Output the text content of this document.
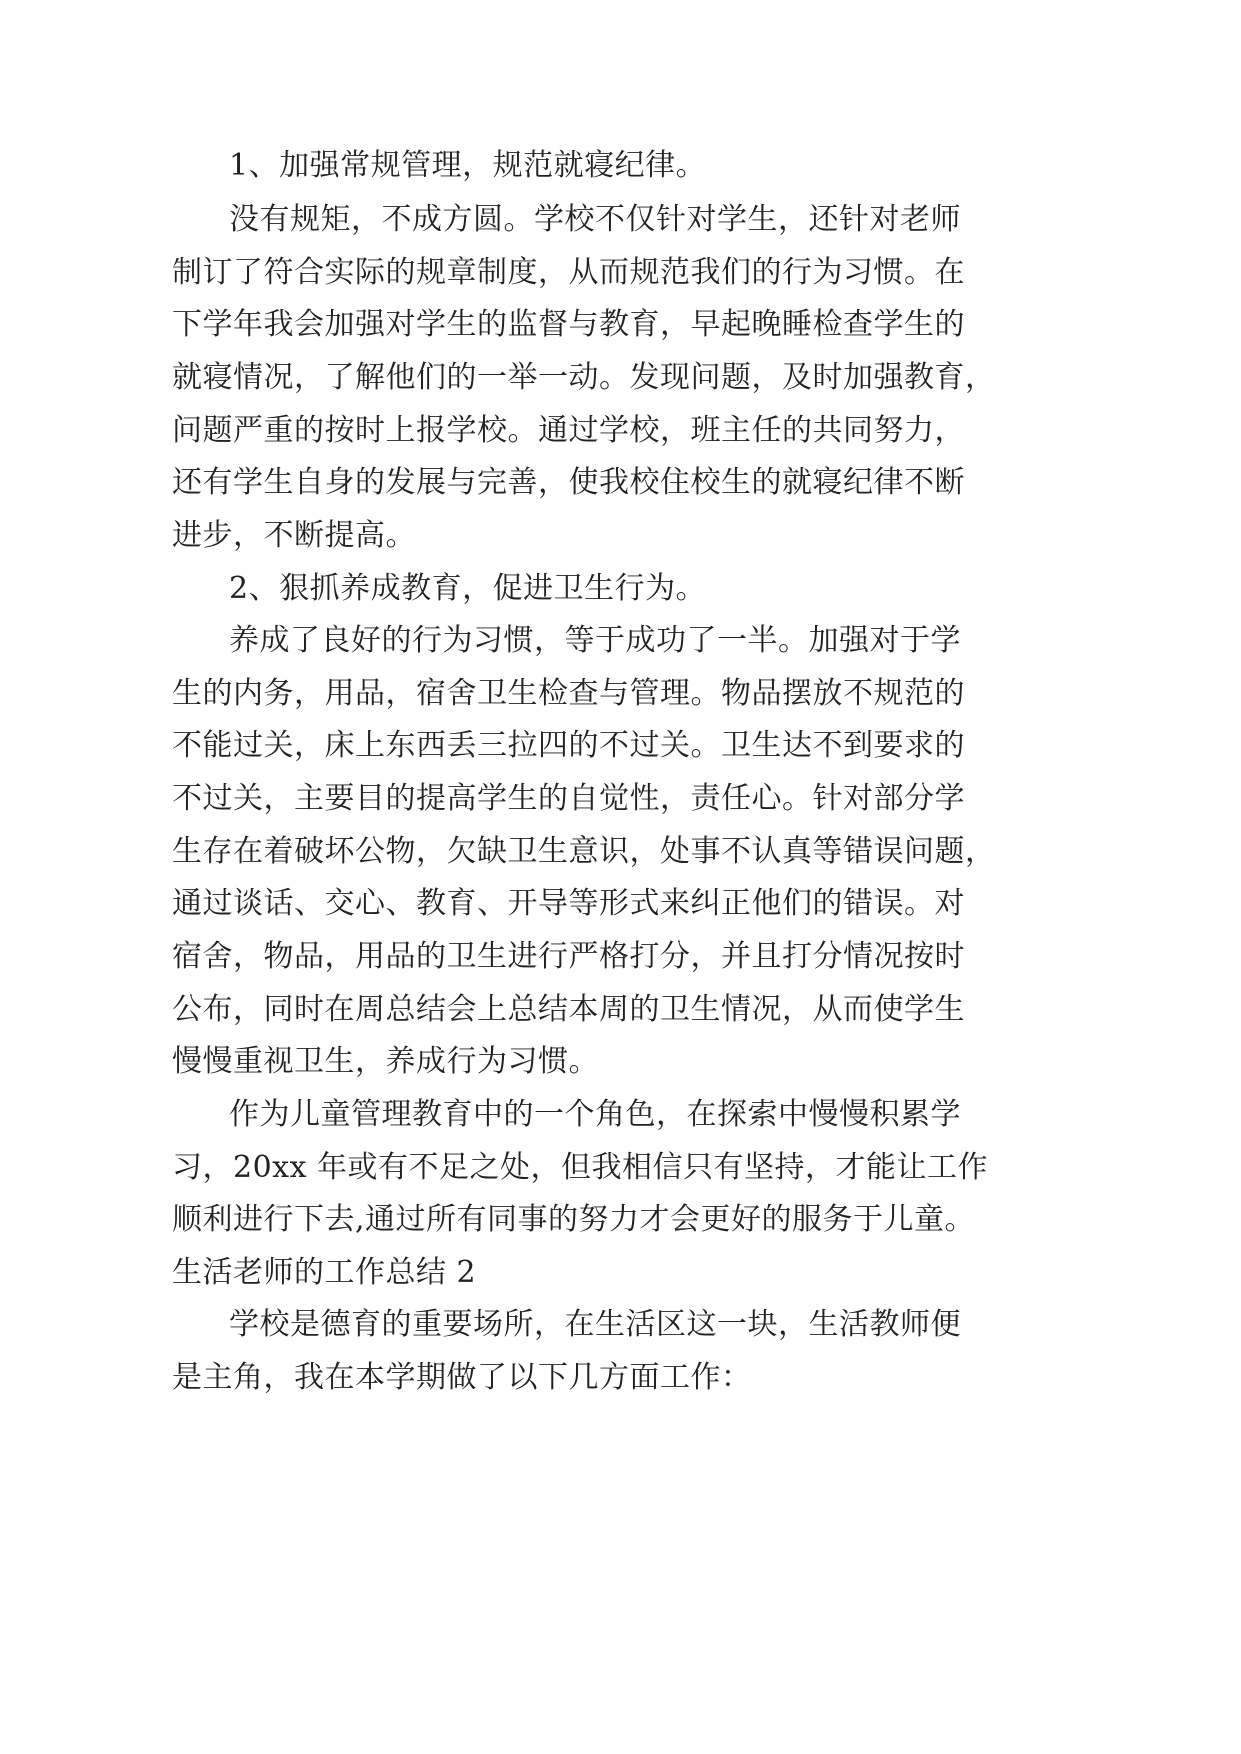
1、加强常规管理，规范就寝纪律。

没有规矩，不成方圆。学校不仅针对学生，还针对老师

制订了符合实际的规章制度，从而规范我们的行为习惯。在

下学年我会加强对学生的监督与教育，早起晚睡检查学生的

就寝情况，了解他们的一举一动。发现问题，及时加强教育，

问题严重的按时上报学校。通过学校，班主任的共同努力，

还有学生自身的发展与完善，使我校住校生的就寝纪律不断

进步，不断提高。

2、狠抓养成教育，促进卫生行为。

养成了良好的行为习惯，等于成功了一半。加强对于学

生的内务，用品，宿舍卫生检查与管理。物品摆放不规范的

不能过关，床上东西丢三拉四的不过关。卫生达不到要求的

不过关，主要目的提高学生的自觉性，责任心。针对部分学

生存在着破坏公物，欠缺卫生意识，处事不认真等错误问题，

通过谈话、交心、教育、开导等形式来纠正他们的错误。对

宿舍，物品，用品的卫生进行严格打分，并且打分情况按时

公布，同时在周总结会上总结本周的卫生情况，从而使学生

慢慢重视卫生，养成行为习惯。

作为儿童管理教育中的一个角色，在探索中慢慢积累学

习，20xx 年或有不足之处，但我相信只有坚持，才能让工作

顺利进行下去,通过所有同事的努力才会更好的服务于儿童。

生活老师的工作总结 2

学校是德育的重要场所，在生活区这一块，生活教师便

是主角，我在本学期做了以下几方面工作：
